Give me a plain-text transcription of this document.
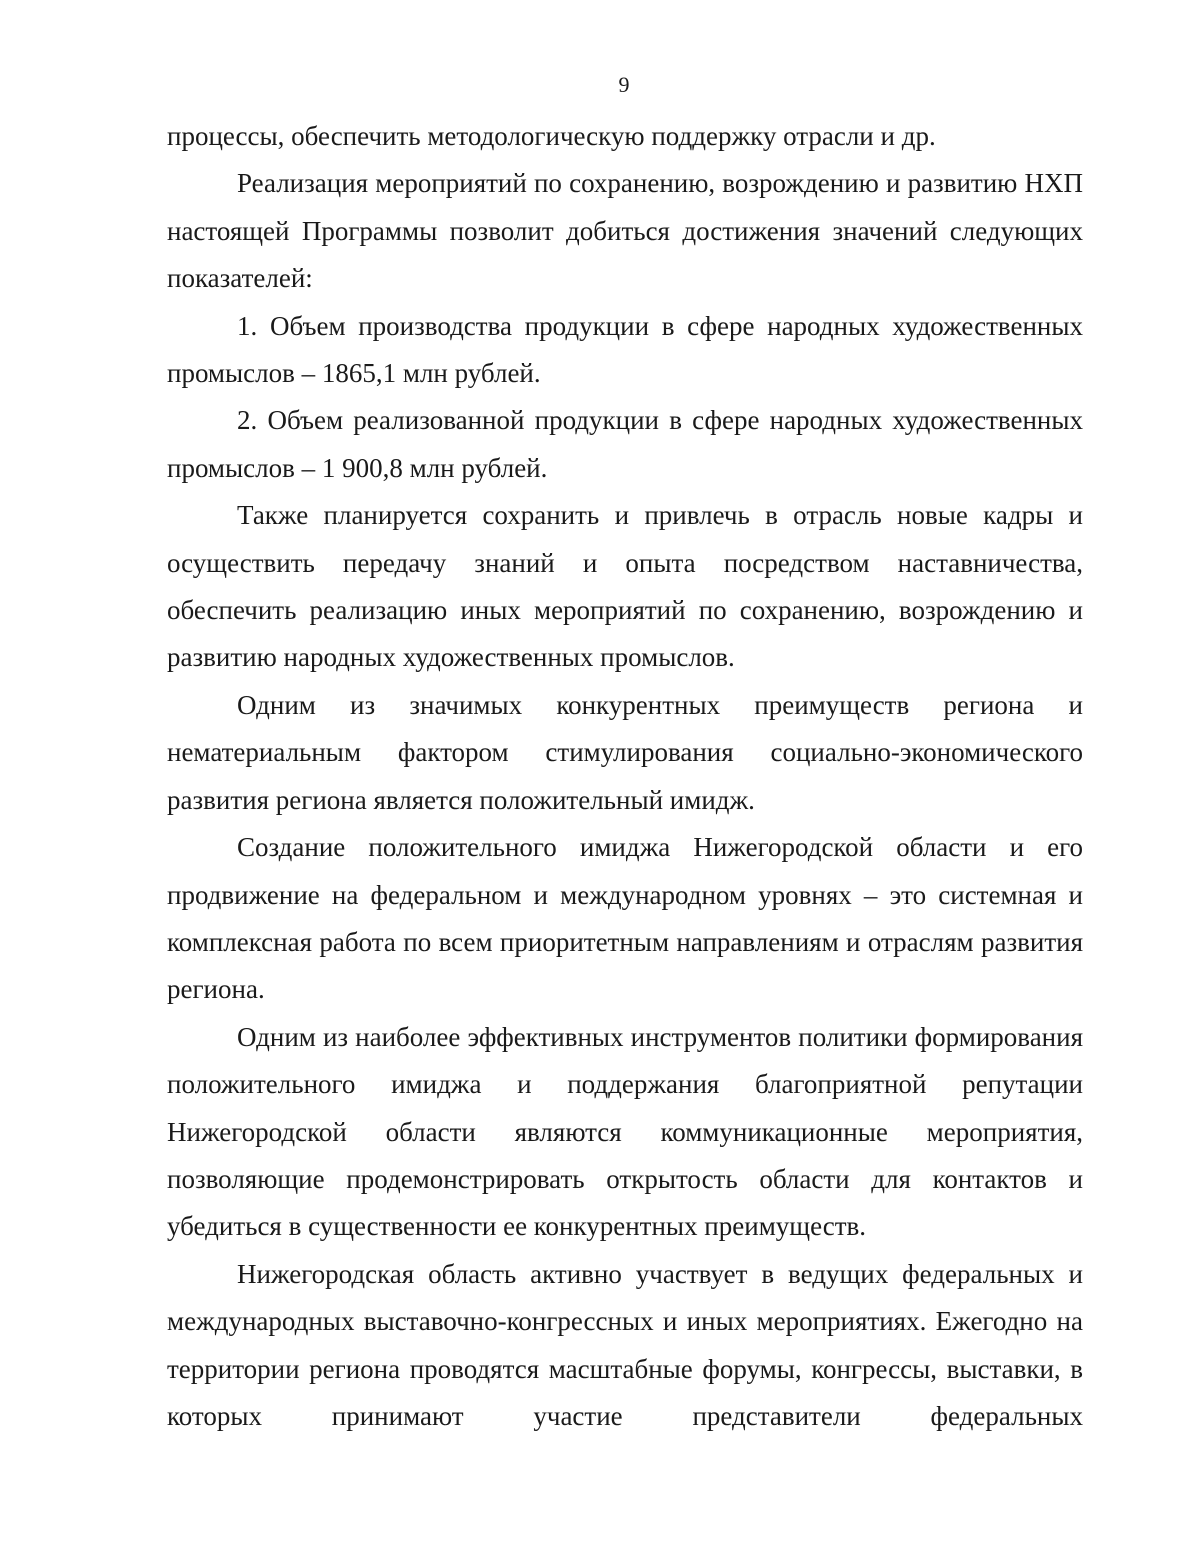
9

процессы, обеспечить методологическую поддержку отрасли и др.

Реализация мероприятий по сохранению, возрождению и развитию НХП настоящей Программы позволит добиться достижения значений следующих показателей:

1. Объем производства продукции в сфере народных художественных промыслов – 1865,1 млн рублей.

2. Объем реализованной продукции в сфере народных художественных промыслов – 1 900,8 млн рублей.

Также планируется сохранить и привлечь в отрасль новые кадры и осуществить передачу знаний и опыта посредством наставничества, обеспечить реализацию иных мероприятий по сохранению, возрождению и развитию народных художественных промыслов.

Одним из значимых конкурентных преимуществ региона и нематериальным фактором стимулирования социально-экономического развития региона является положительный имидж.

Создание положительного имиджа Нижегородской области и его продвижение на федеральном и международном уровнях – это системная и комплексная работа по всем приоритетным направлениям и отраслям развития региона.

Одним из наиболее эффективных инструментов политики формирования положительного имиджа и поддержания благоприятной репутации Нижегородской области являются коммуникационные мероприятия, позволяющие продемонстрировать открытость области для контактов и убедиться в существенности ее конкурентных преимуществ.

Нижегородская область активно участвует в ведущих федеральных и международных выставочно-конгрессных и иных мероприятиях. Ежегодно на территории региона проводятся масштабные форумы, конгрессы, выставки, в которых принимают участие представители федеральных
